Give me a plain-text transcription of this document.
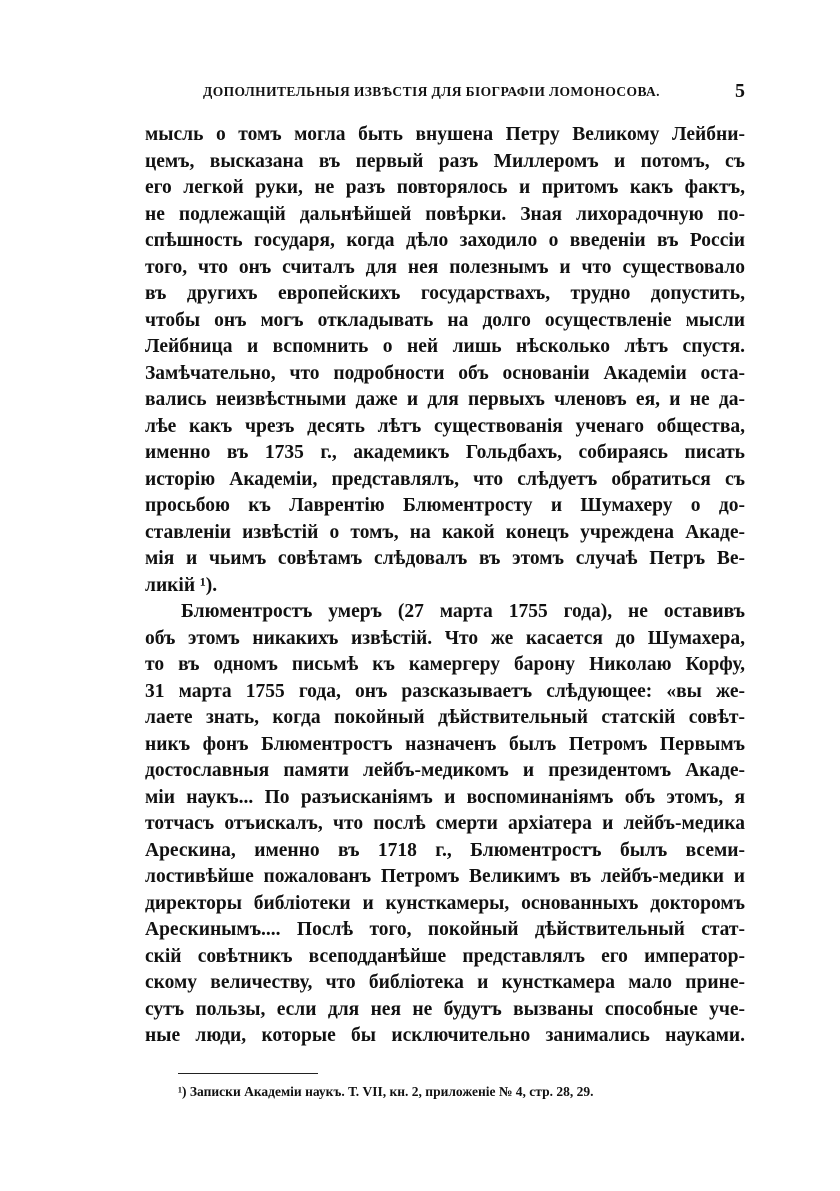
ДОПОЛНИТЕЛЬНЫЯ ИЗВѢСТІЯ ДЛЯ БІОГРАФІИ ЛОМОНОСОВА.	5
мысль о томъ могла быть внушена Петру Великому Лейбни-
цемъ, высказана въ первый разъ Миллеромъ и потомъ, съ
его легкой руки, не разъ повторялось и притомъ какъ фактъ,
не подлежащій дальнѣйшей повѣрки. Зная лихорадочную по-
спѣшность государя, когда дѣло заходило о введеніи въ Россіи
того, что онъ считалъ для нея полезнымъ и что существовало
въ другихъ европейскихъ государствахъ, трудно допустить,
чтобы онъ могъ откладывать на долго осуществленіе мысли
Лейбница и вспомнить о ней лишь нѣсколько лѣтъ спустя.
Замѣчательно, что подробности объ основаніи Академіи оста-
вались неизвѣстными даже и для первыхъ членовъ ея, и не да-
лѣе какъ чрезъ десять лѣтъ существованія ученаго общества,
именно въ 1735 г., академикъ Гольдбахъ, собираясь писать
исторію Академіи, представлялъ, что слѣдуетъ обратиться съ
просьбою къ Лаврентію Блюментросту и Шумахеру о до-
ставленіи извѣстій о томъ, на какой конецъ учреждена Акаде-
мія и чьимъ совѣтамъ слѣдовалъ въ этомъ случаѣ Петръ Ве-
ликій ¹).
Блюментростъ умеръ (27 марта 1755 года), не оставивъ
объ этомъ никакихъ извѣстій. Что же касается до Шумахера,
то въ одномъ письмѣ къ камергеру барону Николаю Корфу,
31 марта 1755 года, онъ разсказываетъ слѣдующее: «вы же-
лаете знать, когда покойный дѣйствительный статскій совѣт-
никъ фонъ Блюментростъ назначенъ былъ Петромъ Первымъ
достославныя памяти лейбъ-медикомъ и президентомъ Акаде-
міи наукъ... По разъисканіямъ и воспоминаніямъ объ этомъ, я
тотчасъ отъискалъ, что послѣ смерти архіатера и лейбъ-медика
Арескина, именно въ 1718 г., Блюментростъ былъ всеми-
лостивѣйше пожалованъ Петромъ Великимъ въ лейбъ-медики и
директоры библіотеки и кунсткамеры, основанныхъ докторомъ
Арескинымъ.... Послѣ того, покойный дѣйствительный стат-
скій совѣтникъ всеподданѣйше представлялъ его император-
скому величеству, что библіотека и кунсткамера мало прине-
сутъ пользы, если для нея не будутъ вызваны способные уче-
ные люди, которые бы исключительно занимались науками.
¹) Записки Академіи наукъ. Т. VII, кн. 2, приложеніе № 4, стр. 28, 29.
